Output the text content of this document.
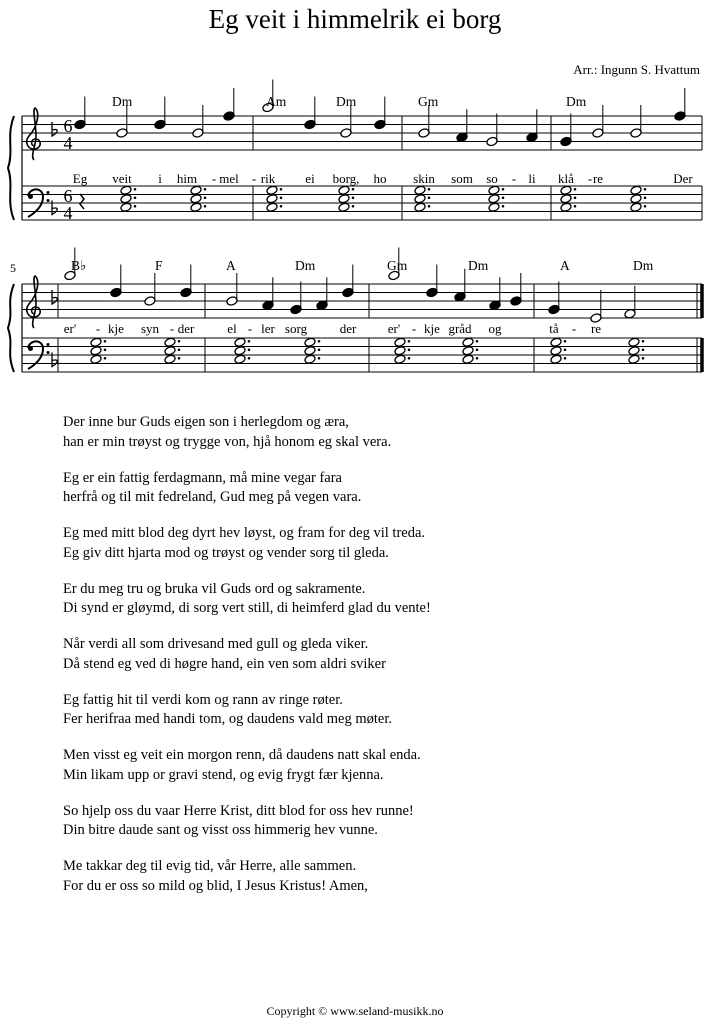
Eg veit i himmelrik ei borg
Arr.: Ingunn S. Hvattum
6
4
6
4
Dm	Am	Dm	Gm	Dm
Eg veit i him - mel - rik ei borg, ho skin som so - li klå - re	Der
5	B♭	F	A	Dm	Gm	Dm	A	Dm
er' - kje syn - der	el - ler sorg	der er' - kje gråd og	tå - re
Der inne bur Guds eigen son i herlegdom og æra,
han er min trøyst og trygge von, hjå honom eg skal vera.
Eg er ein fattig ferdagmann, må mine vegar fara
herfrå og til mit fedreland, Gud meg på vegen vara.
Eg med mitt blod deg dyrt hev løyst, og fram for deg vil treda.
Eg giv ditt hjarta mod og trøyst og vender sorg til gleda.
Er du meg tru og bruka vil Guds ord og sakramente.
Di synd er gløymd, di sorg vert still, di heimferd glad du vente!
Når verdi all som drivesand med gull og gleda viker.
Då stend eg ved di høgre hand, ein ven som aldri sviker
Eg fattig hit til verdi kom og rann av ringe røter.
Fer herifraa med handi tom, og daudens vald meg møter.
Men visst eg veit ein morgon renn, då daudens natt skal enda.
Min likam upp or gravi stend, og evig frygt fær kjenna.
So hjelp oss du vaar Herre Krist, ditt blod for oss hev runne!
Din bitre daude sant og visst oss himmerig hev vunne.
Me takkar deg til evig tid, vår Herre, alle sammen.
For du er oss so mild og blid, I Jesus Kristus! Amen,
Copyright © www.seland-musikk.no
